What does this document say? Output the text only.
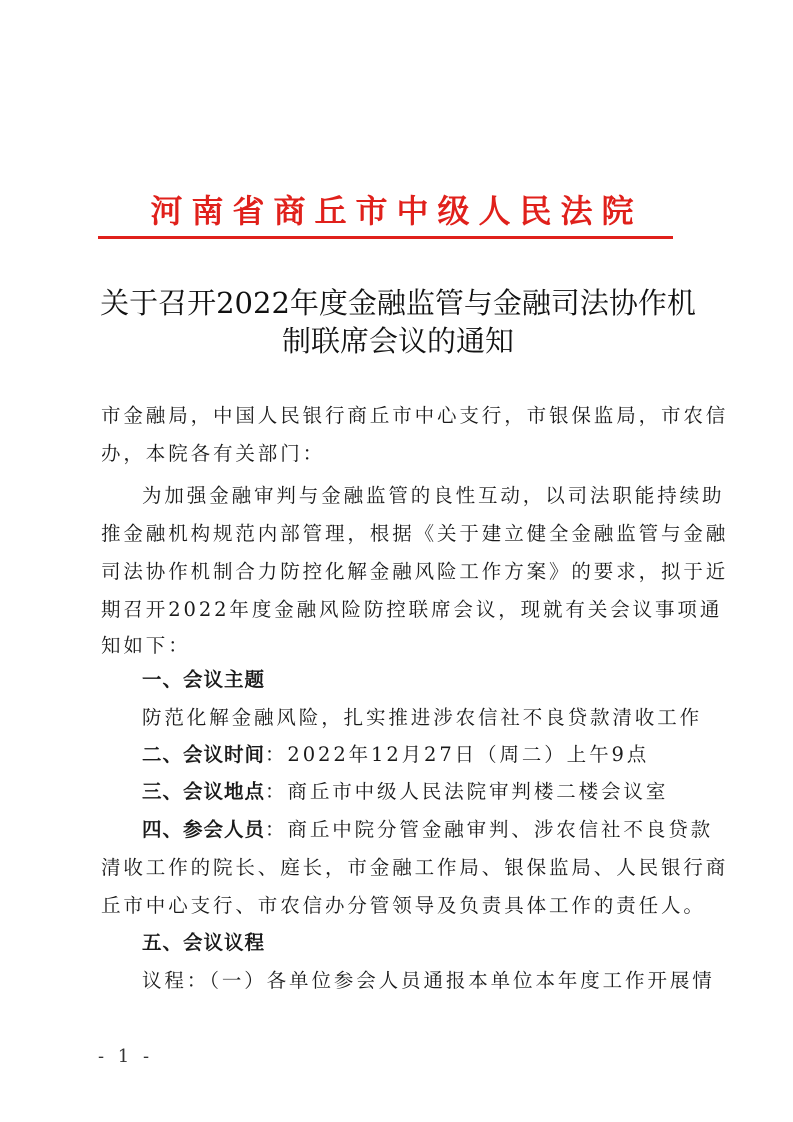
河南省商丘市中级人民法院
关于召开2022年度金融监管与金融司法协作机
制联席会议的通知
市金融局，中国人民银行商丘市中心支行，市银保监局，市农信
办，本院各有关部门：
为加强金融审判与金融监管的良性互动，以司法职能持续助
推金融机构规范内部管理，根据《关于建立健全金融监管与金融
司法协作机制合力防控化解金融风险工作方案》的要求，拟于近
期召开2022年度金融风险防控联席会议，现就有关会议事项通
知如下：
一、会议主题
防范化解金融风险，扎实推进涉农信社不良贷款清收工作
二、会议时间：2022年12月27日（周二）上午9点
三、会议地点：商丘市中级人民法院审判楼二楼会议室
四、参会人员：商丘中院分管金融审判、涉农信社不良贷款
清收工作的院长、庭长，市金融工作局、银保监局、人民银行商
丘市中心支行、市农信办分管领导及负责具体工作的责任人。
五、会议议程
议程：（一）各单位参会人员通报本单位本年度工作开展情
- 1 -
